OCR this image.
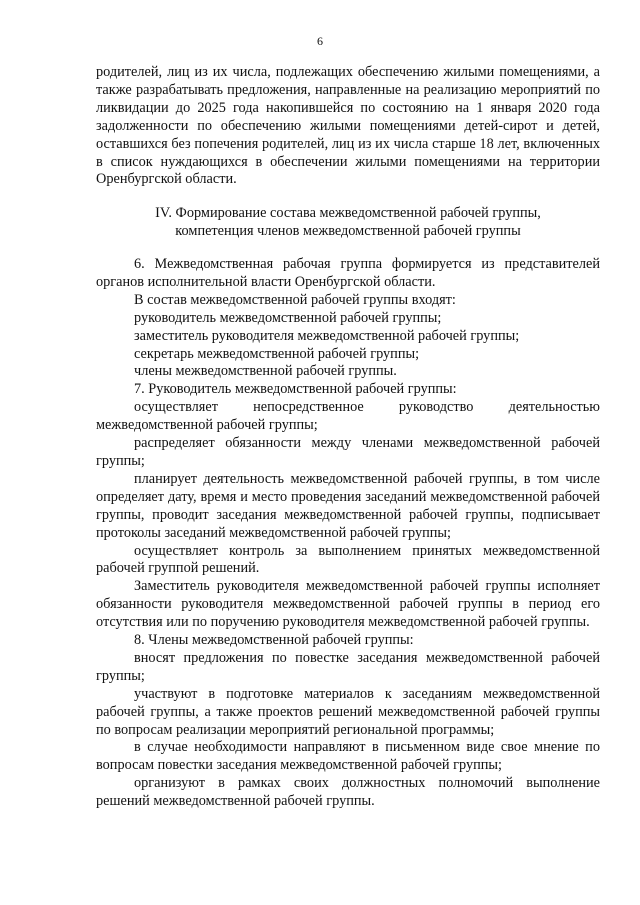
6

родителей, лиц из их числа, подлежащих обеспечению жилыми помещениями, а также разрабатывать предложения, направленные на реализацию мероприятий по ликвидации до 2025 года накопившейся по состоянию на 1 января 2020 года задолженности по обеспечению жилыми помещениями детей-сирот и детей, оставшихся без попечения родителей, лиц из их числа старше 18 лет, включенных в список нуждающихся в обеспечении жилыми помещениями на территории Оренбургской области.

IV. Формирование состава межведомственной рабочей группы,

компетенция членов межведомственной рабочей группы

6. Межведомственная рабочая группа формируется из представителей органов исполнительной власти Оренбургской области.

В состав межведомственной рабочей группы входят:

руководитель межведомственной рабочей группы;

заместитель руководителя межведомственной рабочей группы;

секретарь межведомственной рабочей группы;

члены межведомственной рабочей группы.

7. Руководитель межведомственной рабочей группы:

осуществляет непосредственное руководство деятельностью межведомственной рабочей группы;

распределяет обязанности между членами межведомственной рабочей группы;

планирует деятельность межведомственной рабочей группы, в том числе определяет дату, время и место проведения заседаний межведомственной рабочей группы, проводит заседания межведомственной рабочей группы, подписывает протоколы заседаний межведомственной рабочей группы;

осуществляет контроль за выполнением принятых межведомственной рабочей группой решений.

Заместитель руководителя межведомственной рабочей группы исполняет обязанности руководителя межведомственной рабочей группы в период его отсутствия или по поручению руководителя межведомственной рабочей группы.

8. Члены межведомственной рабочей группы:

вносят предложения по повестке заседания межведомственной рабочей группы;

участвуют в подготовке материалов к заседаниям межведомственной рабочей группы, а также проектов решений межведомственной рабочей группы по вопросам реализации мероприятий региональной программы;

в случае необходимости направляют в письменном виде свое мнение по вопросам повестки заседания межведомственной рабочей группы;

организуют в рамках своих должностных полномочий выполнение решений межведомственной рабочей группы.
